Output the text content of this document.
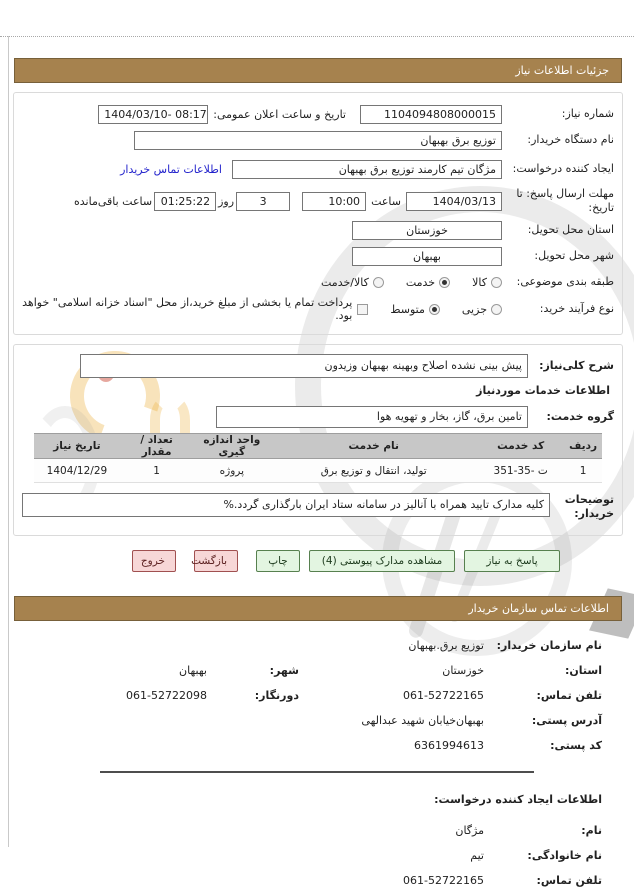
جزئیات اطلاعات نیاز
شماره نیاز:
1104094808000015
تاریخ و ساعت اعلان عمومی:
1404/03/10- 08:17
نام دستگاه خریدار:
توزیع برق بهبهان
ایجاد کننده درخواست:
مژگان تیم کارمند توزیع برق بهبهان
اطلاعات تماس خریدار
مهلت ارسال پاسخ: تا تاریخ:
1404/03/13
ساعت
10:00
3
روز
01:25:22
ساعت باقی‌مانده
استان محل تحویل:
خوزستان
شهر محل تحویل:
بهبهان
طبقه بندی موضوعی:
کالا
خدمت
کالا/خدمت
نوع فرآیند خرید:
جزیی
متوسط
پرداخت تمام یا بخشی از مبلغ خرید،از محل "اسناد خزانه اسلامی" خواهد بود.
شرح کلی‌نیاز:
پیش بینی نشده اصلاح وبهینه بهبهان وزیدون
اطلاعات خدمات موردنیاز
گروه خدمت:
تامین برق، گاز، بخار و تهویه هوا
ردیف	کد خدمت	نام خدمت	واحد اندازه گیری	تعداد / مقدار	تاریخ نیاز
1	ت -35-351	تولید، انتقال و توزیع برق	پروژه	1	1404/12/29
توضیحات خریدار:
کلیه مدارک تایید همراه با آنالیز در سامانه ستاد ایران بارگذاری گردد.%
پاسخ به نیاز
مشاهده مدارک پیوستی (4)
چاپ
بازگشت
خروج
اطلاعات تماس سازمان خریدار
نام سازمان خریدار:
توزیع برق.بهبهان
استان:
خوزستان
شهر:
بهبهان
تلفن تماس:
061-52722165
دورنگار:
061-52722098
آدرس پستی:
بهبهان‌خیابان شهید عبدالهی
کد پستی:
6361994613
اطلاعات ایجاد کننده درخواست:
نام:
مژگان
نام خانوادگی:
تیم
تلفن تماس:
061-52722165
